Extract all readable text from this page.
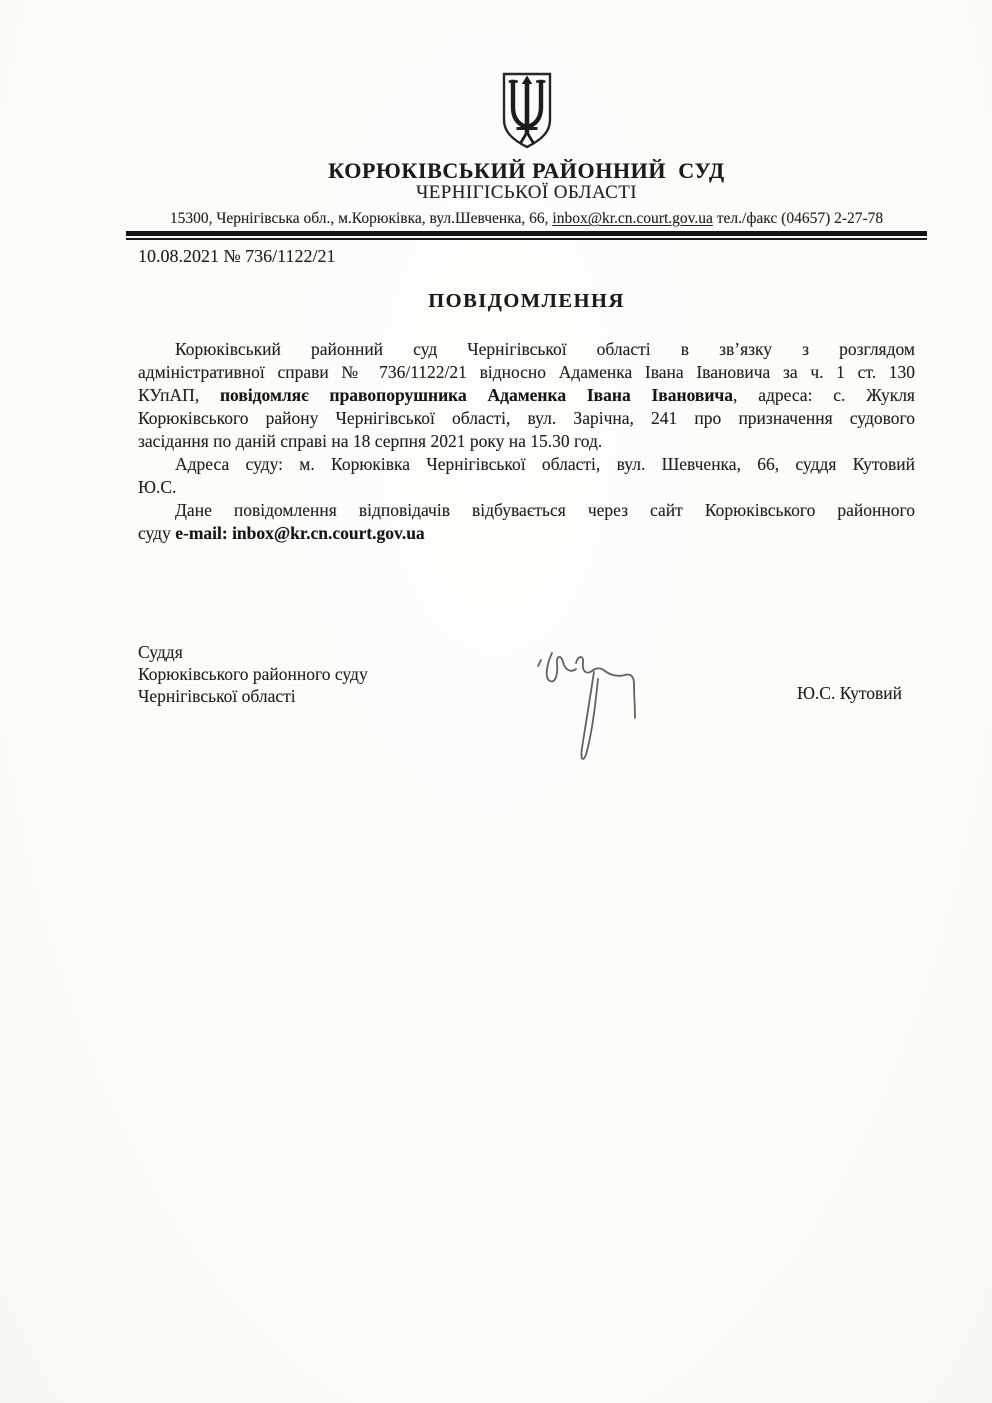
КОРЮКІВСЬКИЙ РАЙОННИЙ  СУД
ЧЕРНІГІСЬКОЇ ОБЛАСТІ
15300, Чернігівська обл., м.Корюківка, вул.Шевченка, 66, inbox@kr.cn.court.gov.ua тел./факс (04657) 2-27-78
10.08.2021 № 736/1122/21
ПОВІДОМЛЕННЯ
Корюківський районний суд Чернігівської області в зв’язку з розглядом
адміністративної справи № 736/1122/21 відносно Адаменка Івана Івановича за ч. 1 ст. 130
КУпАП, повідомляє правопорушника Адаменка Івана Івановича, адреса: с. Жукля
Корюківського району Чернігівської області, вул. Зарічна, 241 про призначення судового
засідання по даній справі на 18 серпня 2021 року на 15.30 год.
Адреса суду: м. Корюківка Чернігівської області, вул. Шевченка, 66, суддя Кутовий
Ю.С.
Дане повідомлення відповідачів відбувається через сайт Корюківського районного
суду e-mail: inbox@kr.cn.court.gov.ua
Суддя
Корюківського районного суду
Чернігівської області	Ю.С. Кутовий
